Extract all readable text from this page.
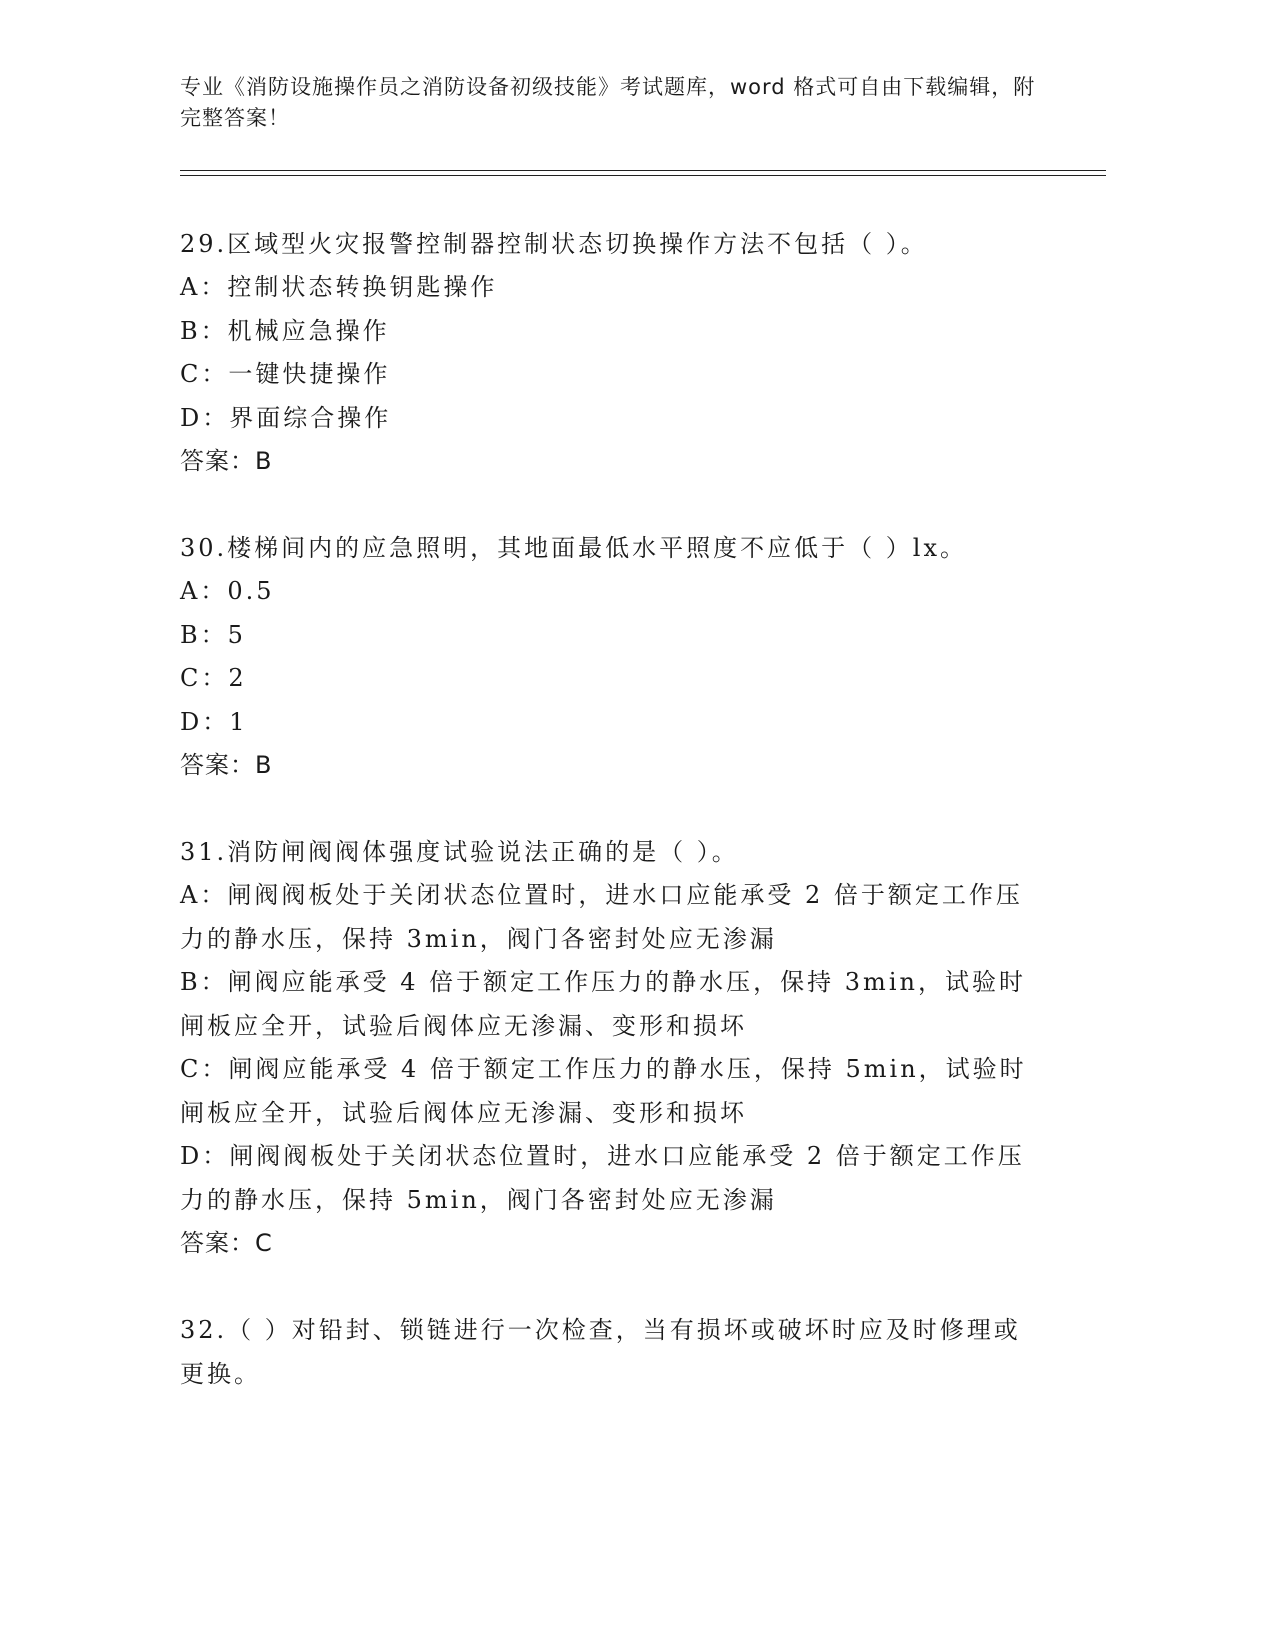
专业《消防设施操作员之消防设备初级技能》考试题库，word 格式可自由下载编辑，附完整答案！
29.区域型火灾报警控制器控制状态切换操作方法不包括（ ）。
A：控制状态转换钥匙操作
B：机械应急操作
C：一键快捷操作
D：界面综合操作
答案：B
30.楼梯间内的应急照明，其地面最低水平照度不应低于（ ）lx。
A：0.5
B：5
C：2
D：1
答案：B
31.消防闸阀阀体强度试验说法正确的是（ ）。
A：闸阀阀板处于关闭状态位置时，进水口应能承受 2 倍于额定工作压力的静水压，保持 3min，阀门各密封处应无渗漏
B：闸阀应能承受 4 倍于额定工作压力的静水压，保持 3min，试验时闸板应全开，试验后阀体应无渗漏、变形和损坏
C：闸阀应能承受 4 倍于额定工作压力的静水压，保持 5min，试验时闸板应全开，试验后阀体应无渗漏、变形和损坏
D：闸阀阀板处于关闭状态位置时，进水口应能承受 2 倍于额定工作压力的静水压，保持 5min，阀门各密封处应无渗漏
答案：C
32.（ ）对铅封、锁链进行一次检查，当有损坏或破坏时应及时修理或更换。
